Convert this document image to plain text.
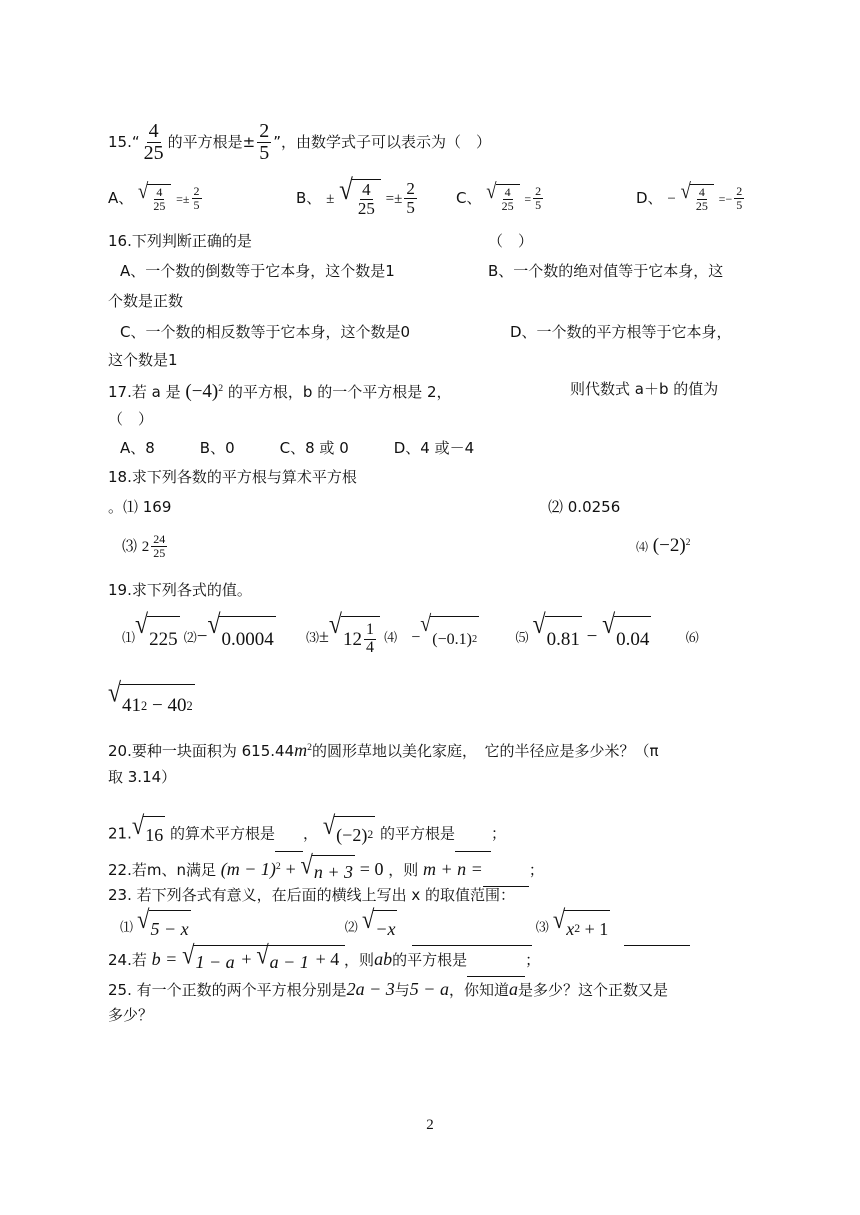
15.“ $\frac{4}{25}$ 的平方根是± $\frac{2}{5}$ ”，由数学式子可以表示为（　）
A、 √ $\frac{4}{25} =\pm \frac{2}{5}$	B、 ± √ $\frac{4}{25} =\pm \frac{2}{5}$	C、 √ $\frac{4}{25} = \frac{2}{5}$	D、 − √ $\frac{4}{25} =- \frac{2}{5}$
16.下列判断正确的是	（　）
A、一个数的倒数等于它本身，这个数是1	B、一个数的绝对值等于它本身，这
个数是正数
C、一个数的相反数等于它本身，这个数是0	D、一个数的平方根等于它本身，
这个数是1
17.若 a 是 $(-4)^2$ 的平方根，b 的一个平方根是 2，	则代数式 a＋b 的值为
（　）
A、8　　　B、0　　　C、8 或 0　　　D、4 或－4
18.求下列各数的平方根与算术平方根
。⑴ 169	⑵ 0.0256
⑶ $2 \frac{24}{25}$	⑷ $(-2)^2$
19.求下列各式的值。
⑴ √ 225 ⑵− √ 0.0004 ⑶± √ $12 \frac{1}{4}$ ⑷ −
√
(−0.1) 2	⑸ √ 0.81 − √ 0.04	⑹
√ 41 2 − 40 2
20.要种一块面积为 $615.44m^2$的圆形草地以美化家庭，　它的半径应是多少米？（π
取 3.14）
21. √ 16 的算术平方根是 ， √ (−2) 2 的平方根是 ；
22.若m、n满足 $(m - 1)^2$ + √ n + 3 = 0 ，则 m + n =	；
23. 若下列各式有意义，在后面的横线上写出 x 的取值范围：
⑴ √ 5 − x	⑵ √ −x	⑶ √ x 2
+ 1

24.若 b = √ 1 − a + √ a − 1 + 4 ，则ab的平方根是	；
25. 有一个正数的两个平方根分别是2a − 3与5 − a，你知道a是多少？这个正数又是
多少？
2
